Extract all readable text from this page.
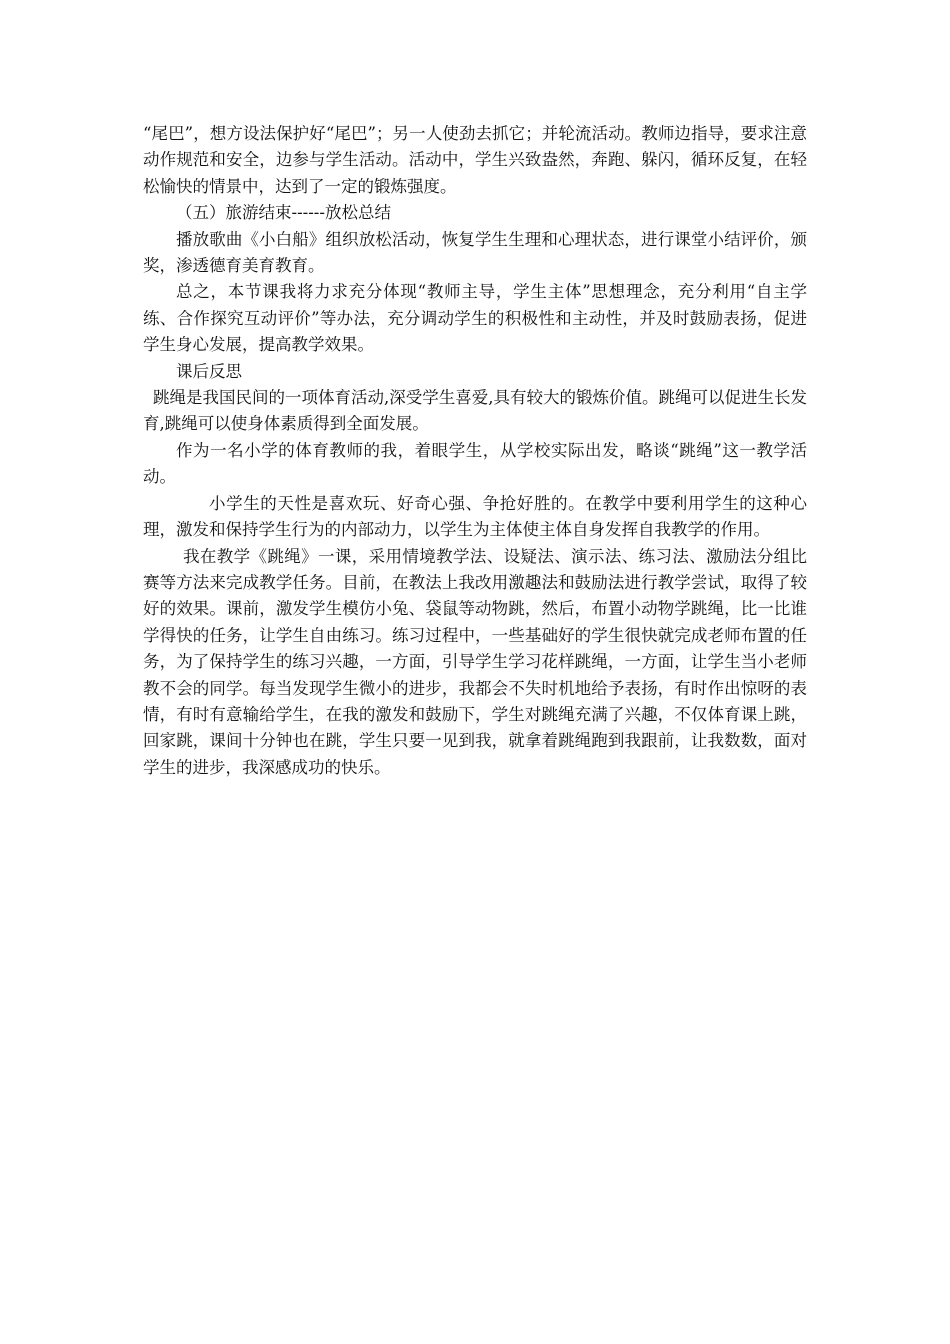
“尾巴”，想方设法保护好“尾巴”；另一人使劲去抓它；并轮流活动。教师边指导，要求注意动作规范和安全，边参与学生活动。活动中，学生兴致盎然，奔跑、躲闪，循环反复，在轻松愉快的情景中，达到了一定的锻炼强度。

（五）旅游结束------放松总结

播放歌曲《小白船》组织放松活动，恢复学生生理和心理状态，进行课堂小结评价，颁奖，渗透德育美育教育。

总之，本节课我将力求充分体现“教师主导，学生主体”思想理念，充分利用“自主学练、合作探究互动评价”等办法，充分调动学生的积极性和主动性，并及时鼓励表扬，促进学生身心发展，提高教学效果。

课后反思

跳绳是我国民间的一项体育活动,深受学生喜爱,具有较大的锻炼价值。跳绳可以促进生长发育,跳绳可以使身体素质得到全面发展。

作为一名小学的体育教师的我，着眼学生，从学校实际出发，略谈“跳绳”这一教学活动。

小学生的天性是喜欢玩、好奇心强、争抢好胜的。在教学中要利用学生的这种心理，激发和保持学生行为的内部动力，以学生为主体使主体自身发挥自我教学的作用。

我在教学《跳绳》一课，采用情境教学法、设疑法、演示法、练习法、激励法分组比赛等方法来完成教学任务。目前，在教法上我改用激趣法和鼓励法进行教学尝试，取得了较好的效果。课前，激发学生模仿小兔、袋鼠等动物跳，然后，布置小动物学跳绳，比一比谁学得快的任务，让学生自由练习。练习过程中，一些基础好的学生很快就完成老师布置的任务，为了保持学生的练习兴趣，一方面，引导学生学习花样跳绳，一方面，让学生当小老师教不会的同学。每当发现学生微小的进步，我都会不失时机地给予表扬，有时作出惊呀的表情，有时有意输给学生，在我的激发和鼓励下，学生对跳绳充满了兴趣，不仅体育课上跳，回家跳，课间十分钟也在跳，学生只要一见到我，就拿着跳绳跑到我跟前，让我数数，面对学生的进步，我深感成功的快乐。
